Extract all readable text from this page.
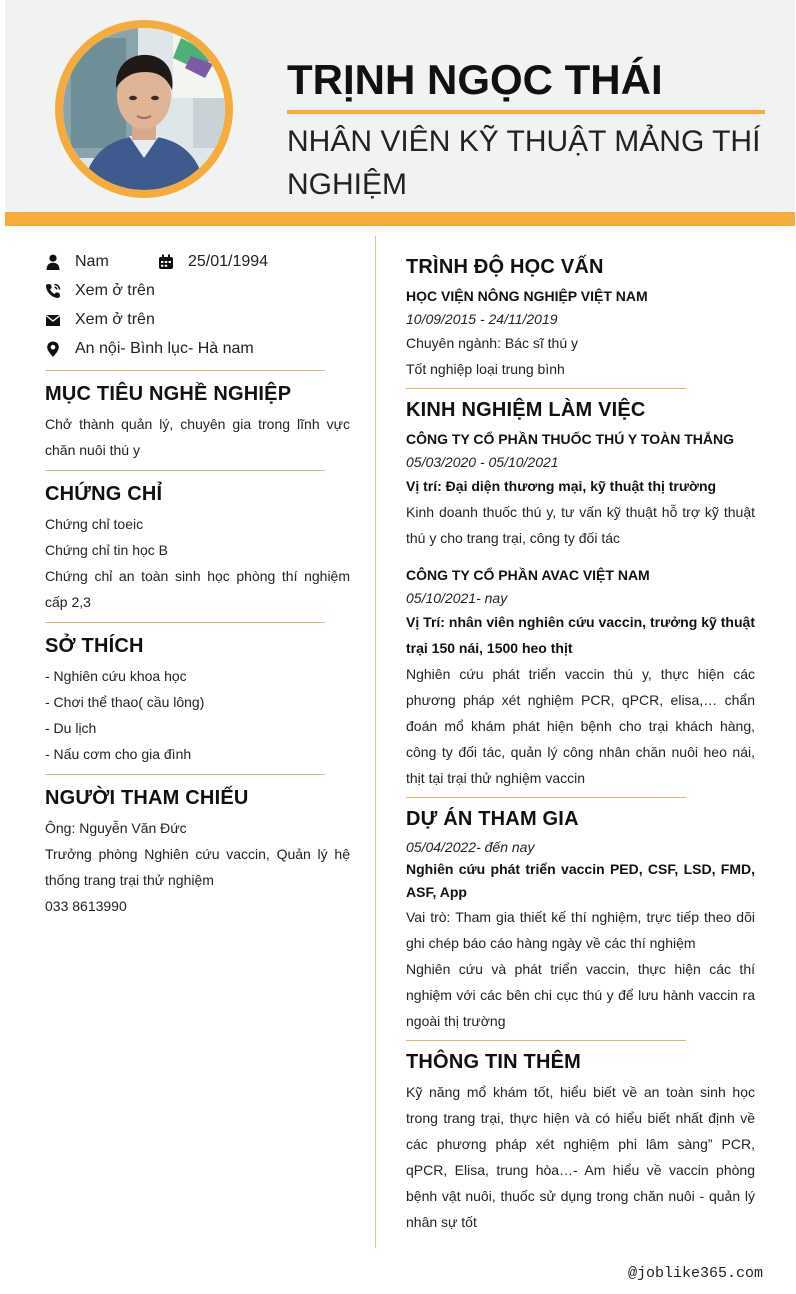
TRỊNH NGỌC THÁI
NHÂN VIÊN KỸ THUẬT MẢNG THÍ NGHIỆM
Nam	25/01/1994
Xem ở trên
Xem ở trên
An nội- Bình lục- Hà nam
MỤC TIÊU NGHỀ NGHIỆP
Chở thành quản lý, chuyên gia trong lĩnh vực chăn nuôi thú y
CHỨNG CHỈ
Chứng chỉ toeic
Chứng chỉ tin học B
Chứng chỉ an toàn sinh học phòng thí nghiệm cấp 2,3
SỞ THÍCH
- Nghiên cứu khoa học
- Chơi thể thao( cầu lông)
- Du lịch
- Nấu cơm cho gia đình
NGƯỜI THAM CHIẾU
Ông: Nguyễn Văn Đức
Trưởng phòng Nghiên cứu vaccin, Quản lý hệ thống trang trại thử nghiệm
033 8613990
TRÌNH ĐỘ HỌC VẤN
HỌC VIỆN NÔNG NGHIỆP VIỆT NAM
10/09/2015 - 24/11/2019
Chuyên ngành: Bác sĩ thú y
Tốt nghiệp loại trung bình
KINH NGHIỆM LÀM VIỆC
CÔNG TY CỔ PHẦN THUỐC THÚ Y TOÀN THẮNG
05/03/2020 - 05/10/2021
Vị trí: Đại diện thương mại, kỹ thuật thị trường
Kinh doanh thuốc thú y, tư vấn kỹ thuật hỗ trợ kỹ thuật thú y cho trang trại, công ty đối tác
CÔNG TY CỔ PHẦN AVAC VIỆT NAM
05/10/2021- nay
Vị Trí: nhân viên nghiên cứu vaccin, trưởng kỹ thuật trại 150 nái, 1500 heo thịt
Nghiên cứu phát triển vaccin thú y, thực hiện các phương pháp xét nghiệm PCR, qPCR, elisa,… chẩn đoán mổ khám phát hiện bệnh cho trại khách hàng, công ty đối tác, quản lý công nhân chăn nuôi heo nái, thịt tại trại thử nghiệm vaccin
DỰ ÁN THAM GIA
05/04/2022- đến nay
Nghiên cứu phát triển vaccin PED, CSF, LSD, FMD, ASF, App
Vai trò: Tham gia thiết kế thí nghiệm, trực tiếp theo dõi ghi chép báo cáo hàng ngày về các thí nghiệm
Nghiên cứu và phát triển vaccin, thực hiện các thí nghiệm với các bên chi cục thú y để lưu hành vaccin ra ngoài thị trường
THÔNG TIN THÊM
Kỹ năng mổ khám tốt, hiểu biết về an toàn sinh học trong trang trại, thực hiện và có hiểu biết nhất định về các phương pháp xét nghiệm phi lâm sàng” PCR, qPCR, Elisa, trung hòa…- Am hiểu về vaccin phòng bệnh vật nuôi, thuốc sử dụng trong chăn nuôi - quản lý nhân sự tốt
@joblike365.com
